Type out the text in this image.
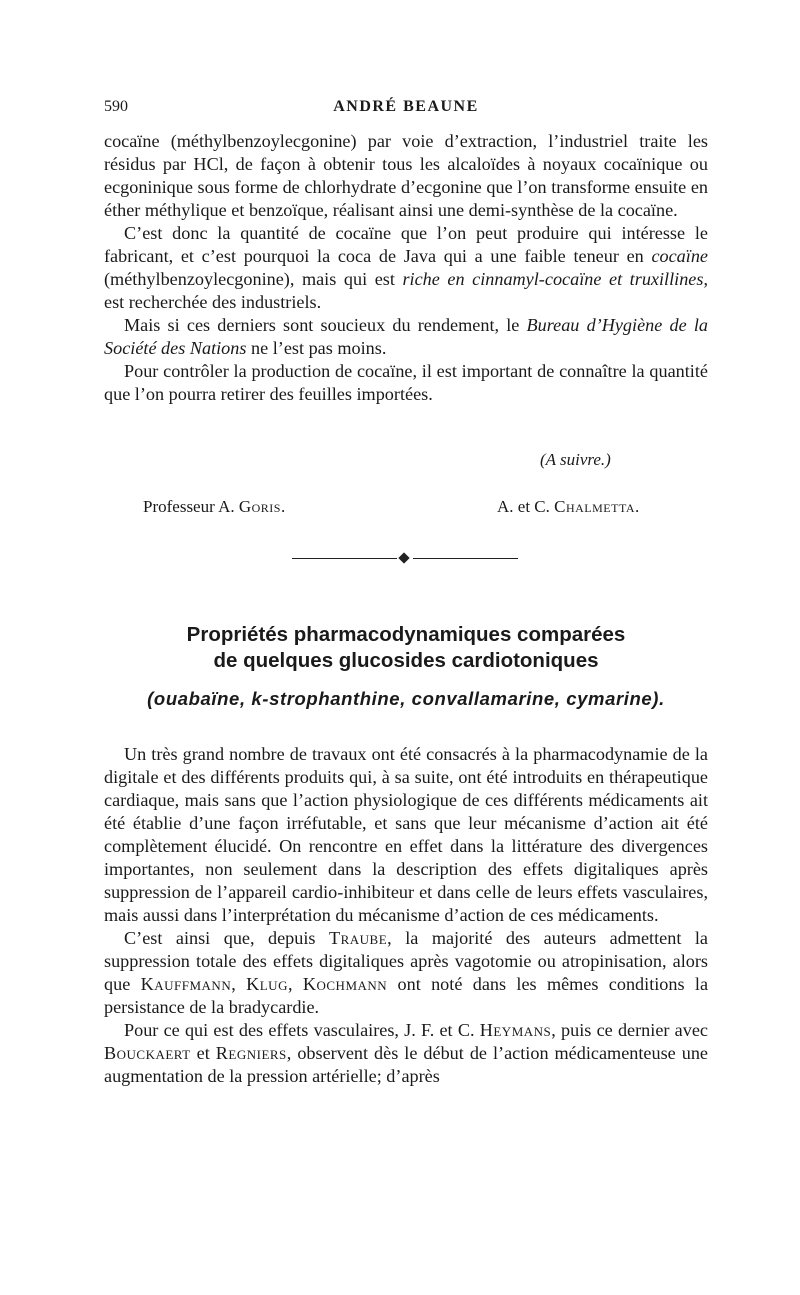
590	ANDRÉ BEAUNE

cocaïne (méthylbenzoylecgonine) par voie d’extraction, l’industriel traite les résidus par HCl, de façon à obtenir tous les alcaloïdes à noyaux cocaïnique ou ecgoninique sous forme de chlorhydrate d’ecgonine que l’on transforme ensuite en éther méthylique et benzoïque, réalisant ainsi une demi-synthèse de la cocaïne.

C’est donc la quantité de cocaïne que l’on peut produire qui intéresse le fabricant, et c’est pourquoi la coca de Java qui a une faible teneur en cocaïne (méthylbenzoylecgonine), mais qui est riche en cinnamyl-cocaïne et truxillines, est recherchée des industriels.

Mais si ces derniers sont soucieux du rendement, le Bureau d’Hygiène de la Société des Nations ne l’est pas moins.

Pour contrôler la production de cocaïne, il est important de connaître la quantité que l’on pourra retirer des feuilles importées.

(A suivre.)
Professeur A. Goris.	A. et C. Chalmetta.
Propriétés pharmacodynamiques comparées
de quelques glucosides cardiotoniques
(ouabaïne, k-strophanthine, convallamarine, cymarine).

Un très grand nombre de travaux ont été consacrés à la pharmacodynamie de la digitale et des différents produits qui, à sa suite, ont été introduits en thérapeutique cardiaque, mais sans que l’action physiologique de ces différents médicaments ait été établie d’une façon irréfutable, et sans que leur mécanisme d’action ait été complètement élucidé. On rencontre en effet dans la littérature des divergences importantes, non seulement dans la description des effets digitaliques après suppression de l’appareil cardio-inhibiteur et dans celle de leurs effets vasculaires, mais aussi dans l’interprétation du mécanisme d’action de ces médicaments.

C’est ainsi que, depuis Traube, la majorité des auteurs admettent la suppression totale des effets digitaliques après vagotomie ou atropinisation, alors que Kauffmann, Klug, Kochmann ont noté dans les mêmes conditions la persistance de la bradycardie.

Pour ce qui est des effets vasculaires, J. F. et C. Heymans, puis ce dernier avec Bouckaert et Regniers, observent dès le début de l’action médicamenteuse une augmentation de la pression artérielle; d’après
